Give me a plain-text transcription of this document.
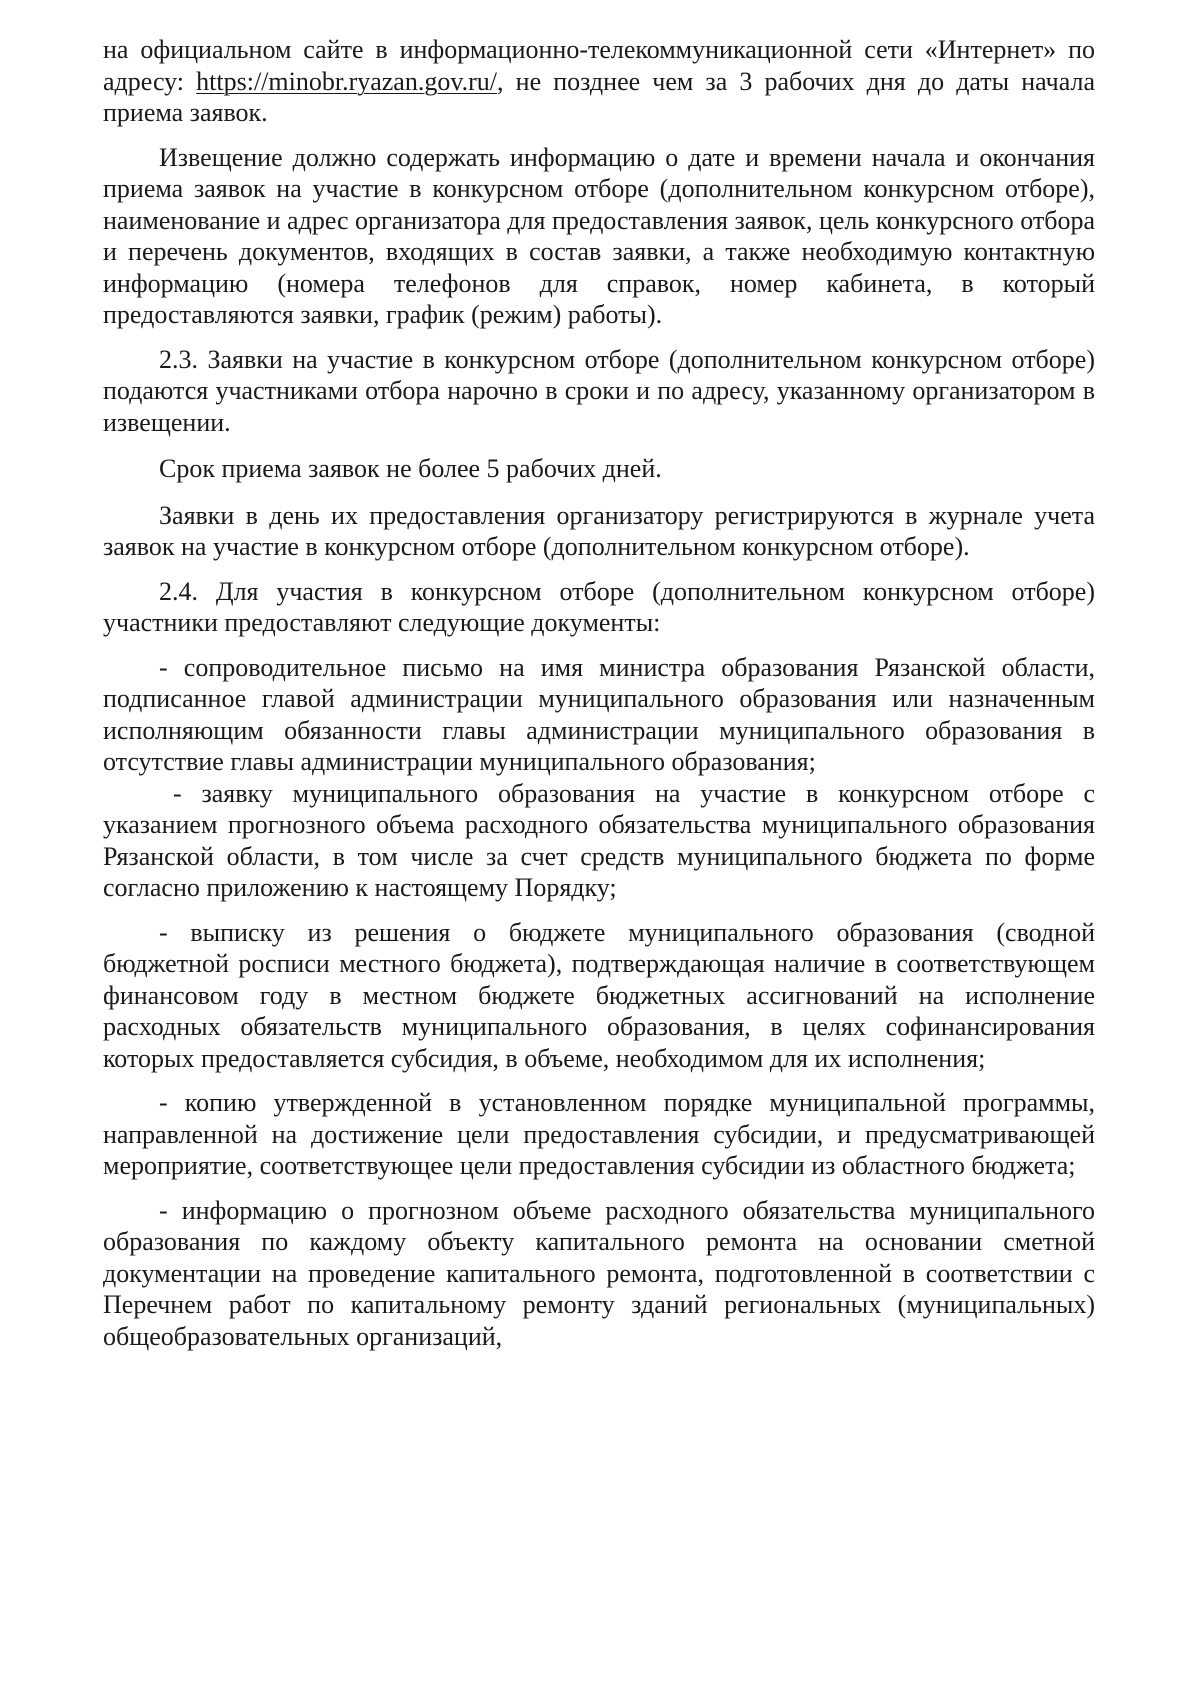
на официальном сайте в информационно-телекоммуникационной сети «Интернет» по адресу: https://minobr.ryazan.gov.ru/, не позднее чем за 3 рабочих дня до даты начала приема заявок.

Извещение должно содержать информацию о дате и времени начала и окончания приема заявок на участие в конкурсном отборе (дополнительном конкурсном отборе), наименование и адрес организатора для предоставления заявок, цель конкурсного отбора и перечень документов, входящих в состав заявки, а также необходимую контактную информацию (номера телефонов для справок, номер кабинета, в который предоставляются заявки, график (режим) работы).

2.3. Заявки на участие в конкурсном отборе (дополнительном конкурсном отборе) подаются участниками отбора нарочно в сроки и по адресу, указанному организатором в извещении.

Срок приема заявок не более 5 рабочих дней.

Заявки в день их предоставления организатору регистрируются в журнале учета заявок на участие в конкурсном отборе (дополнительном конкурсном отборе).

2.4. Для участия в конкурсном отборе (дополнительном конкурсном отборе) участники предоставляют следующие документы:

- сопроводительное письмо на имя министра образования Рязанской области, подписанное главой администрации муниципального образования или назначенным исполняющим обязанности главы администрации муниципального образования в отсутствие главы администрации муниципального образования;

- заявку муниципального образования на участие в конкурсном отборе с указанием прогнозного объема расходного обязательства муниципального образования Рязанской области, в том числе за счет средств муниципального бюджета по форме согласно приложению к настоящему Порядку;

- выписку из решения о бюджете муниципального образования (сводной бюджетной росписи местного бюджета), подтверждающая наличие в соответствующем финансовом году в местном бюджете бюджетных ассигнований на исполнение расходных обязательств муниципального образования, в целях софинансирования которых предоставляется субсидия, в объеме, необходимом для их исполнения;

- копию утвержденной в установленном порядке муниципальной программы, направленной на достижение цели предоставления субсидии, и предусматривающей мероприятие, соответствующее цели предоставления субсидии из областного бюджета;

- информацию о прогнозном объеме расходного обязательства муниципального образования по каждому объекту капитального ремонта на основании сметной документации на проведение капитального ремонта, подготовленной в соответствии с Перечнем работ по капитальному ремонту зданий региональных (муниципальных) общеобразовательных организаций,
